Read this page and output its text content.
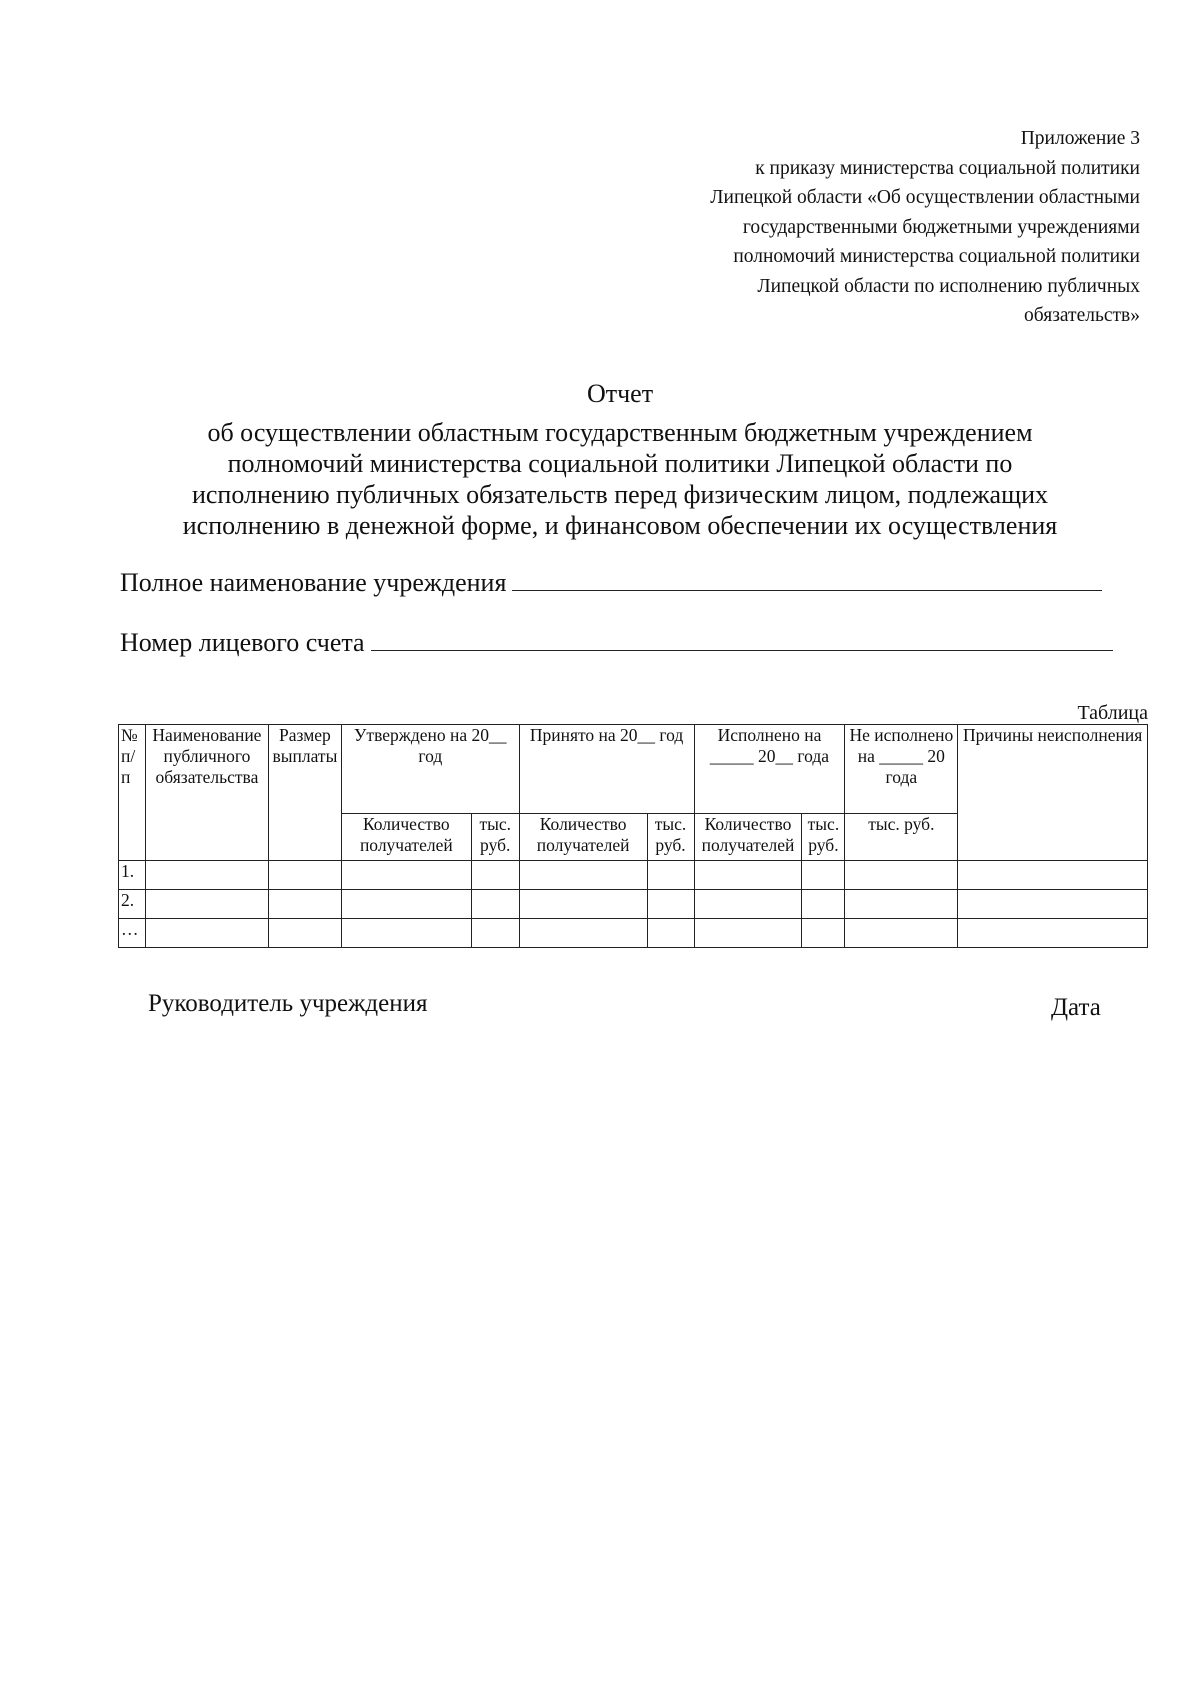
Приложение 3
к приказу министерства социальной политики
Липецкой области «Об осуществлении областными
государственными бюджетными учреждениями
полномочий министерства социальной политики
Липецкой области по исполнению публичных
обязательств»
Отчет
об осуществлении областным государственным бюджетным учреждением
полномочий министерства социальной политики Липецкой области по
исполнению публичных обязательств перед физическим лицом, подлежащих
исполнению в денежной форме, и финансовом обеспечении их осуществления
Полное наименование учреждения
Номер лицевого счета
Таблица
№ п/п	Наименование публичного обязательства	Размер выплаты	Утверждено на 20__ год		Принято на 20__ год		Исполнено на _____ 20__ года		Не исполнено на _____ 20 года	Причины неисполнения
			Количество получателей	тыс. руб.	Количество получателей	тыс. руб.	Количество получателей	тыс. руб.	тыс. руб.	
1.										
2.										
…										
Руководитель учреждения	Дата
